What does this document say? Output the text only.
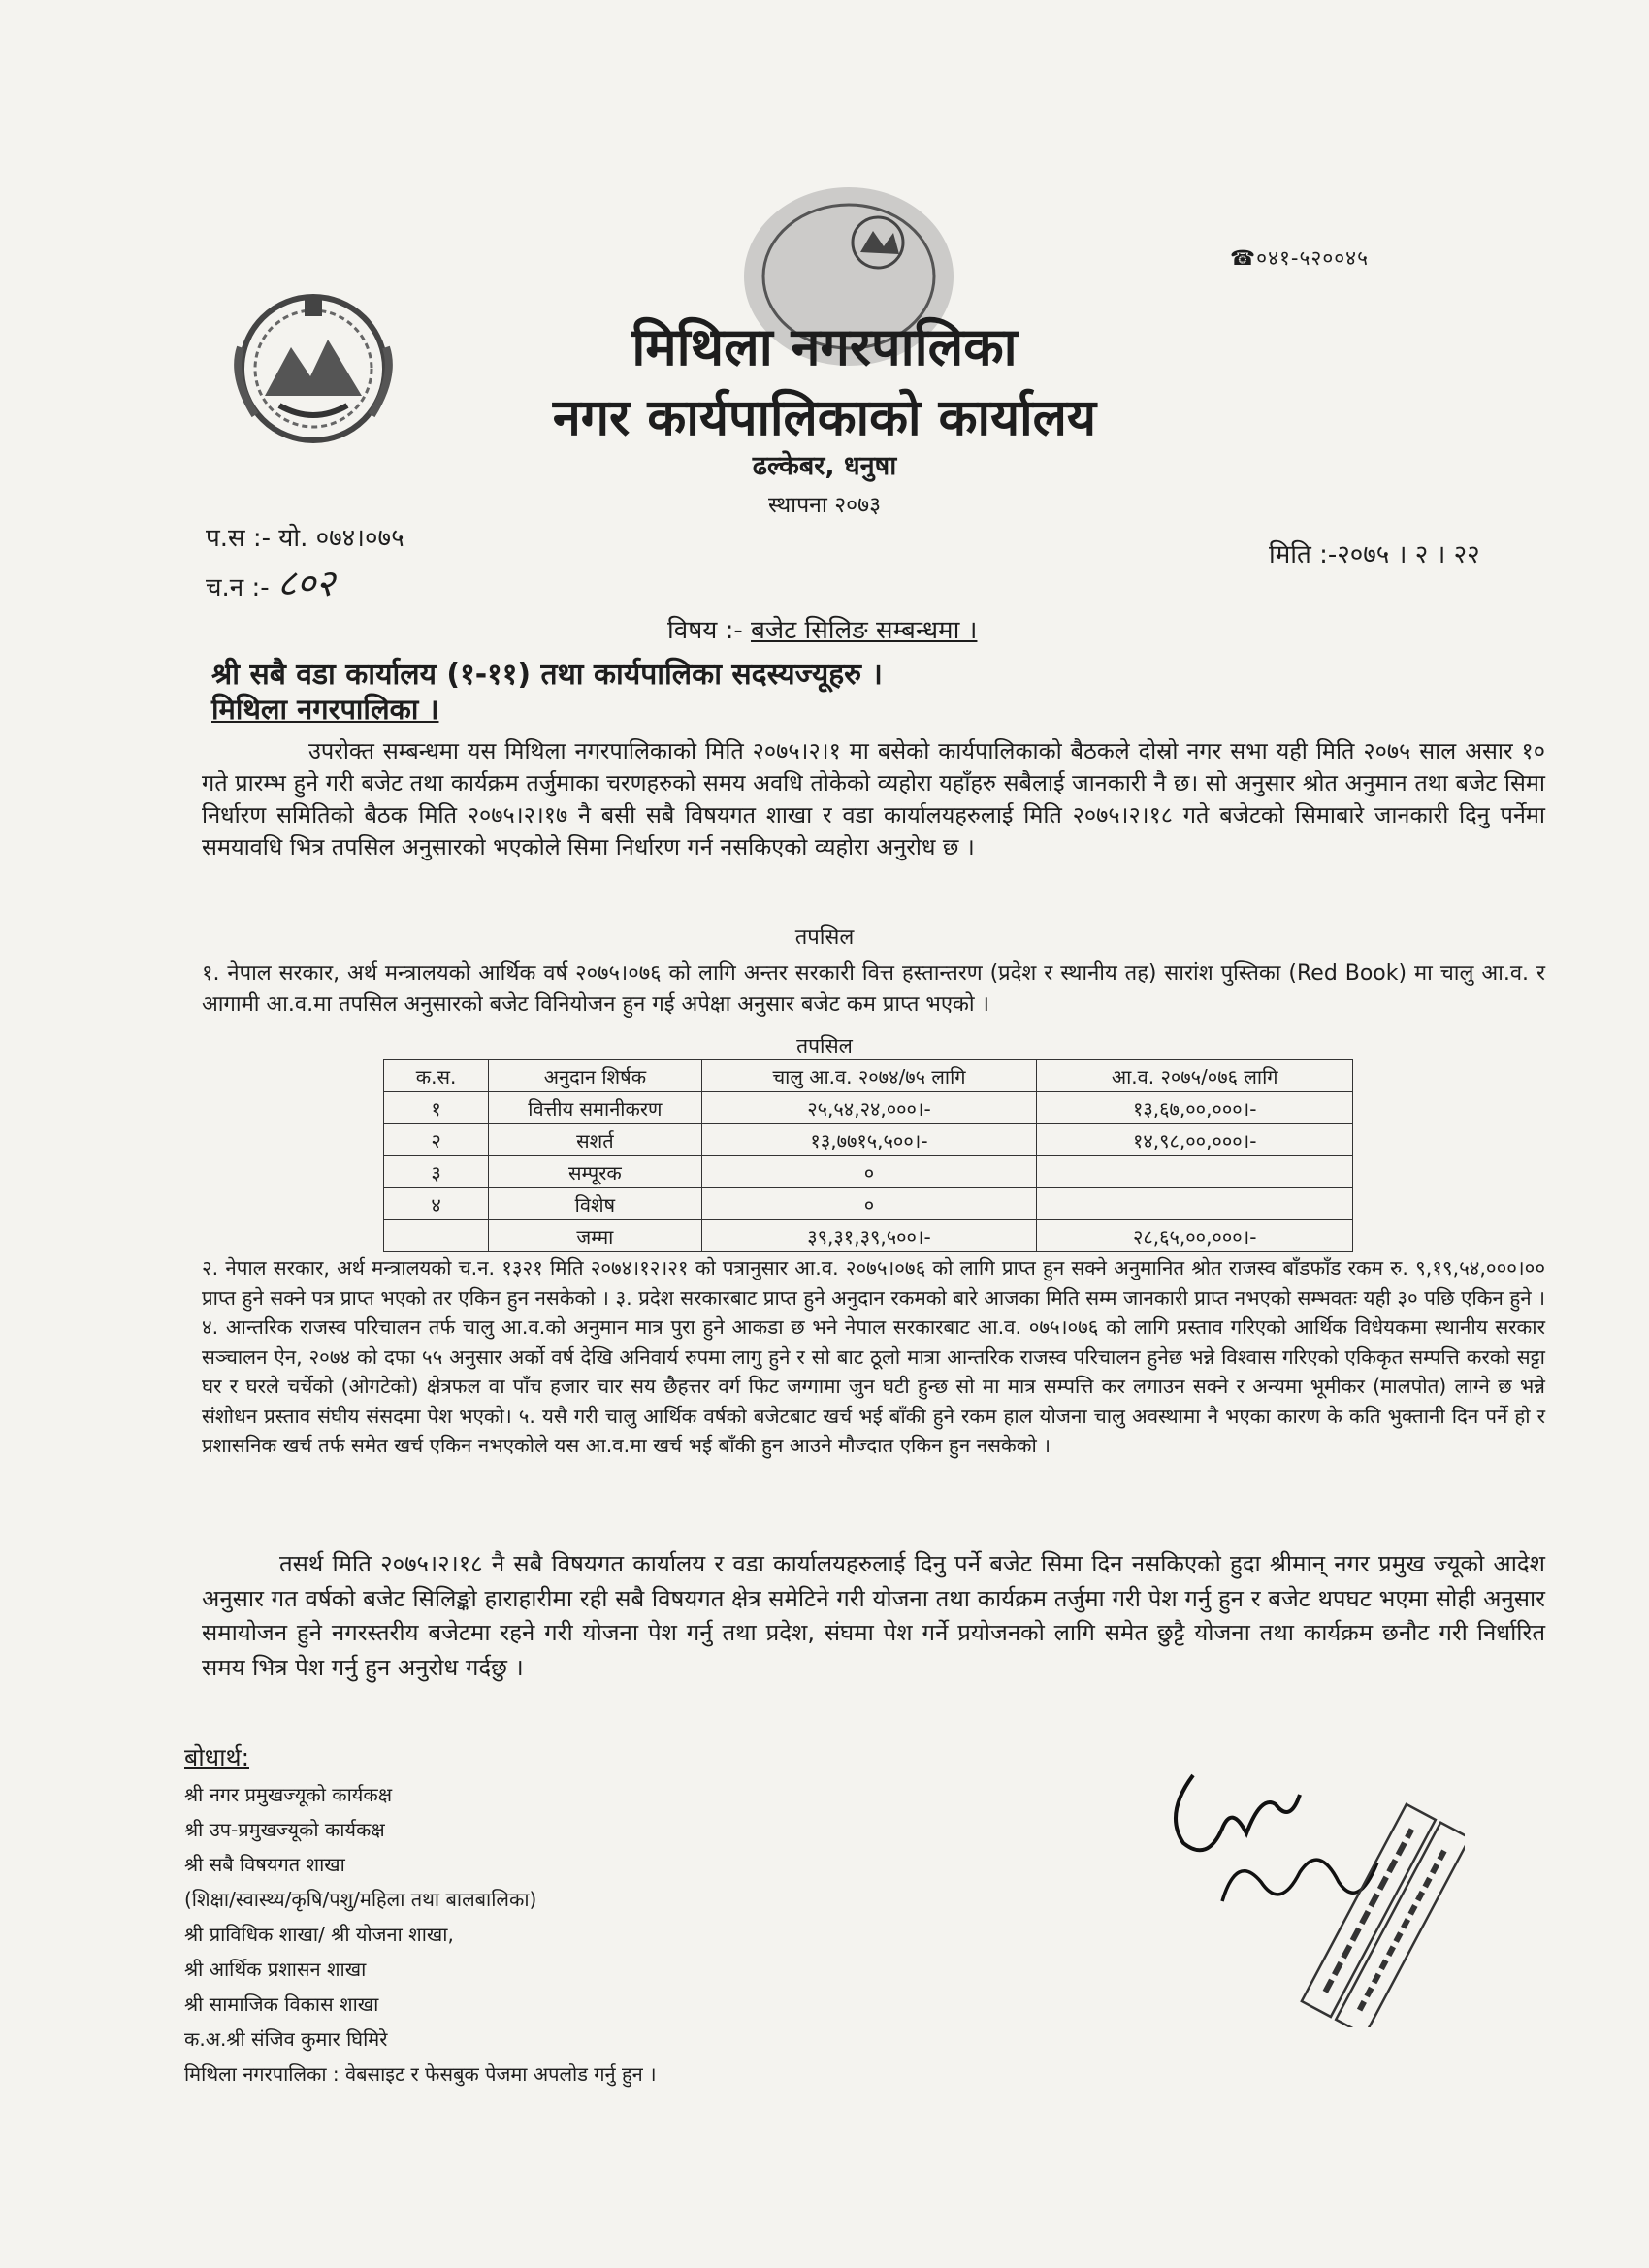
☎०४१-५२००४५
मिथिला नगरपालिका
नगर कार्यपालिकाको कार्यालय
ढल्केबर, धनुषा
स्थापना २०७३
प.स :- यो. ०७४।०७५
च.न :- ८०२
मिति :-२०७५ । २ । २२
विषय :- बजेट सिलिङ सम्बन्धमा ।
श्री सबै वडा कार्यालय (१-११) तथा कार्यपालिका सदस्यज्यूहरु ।
मिथिला नगरपालिका ।
उपरोक्त सम्बन्धमा यस मिथिला नगरपालिकाको मिति २०७५।२।१ मा बसेको कार्यपालिकाको बैठकले दोस्रो नगर सभा यही मिति २०७५ साल असार १० गते प्रारम्भ हुने गरी बजेट तथा कार्यक्रम तर्जुमाका चरणहरुको समय अवधि तोकेको व्यहोरा यहाँहरु सबैलाई जानकारी नै छ। सो अनुसार श्रोत अनुमान तथा बजेट सिमा निर्धारण समितिको बैठक मिति २०७५।२।१७ नै बसी सबै विषयगत शाखा र वडा कार्यालयहरुलाई मिति २०७५।२।१८ गते बजेटको सिमाबारे जानकारी दिनु पर्नेमा समयावधि भित्र तपसिल अनुसारको भएकोले सिमा निर्धारण गर्न नसकिएको व्यहोरा अनुरोध छ ।
तपसिल
१. नेपाल सरकार, अर्थ मन्त्रालयको आर्थिक वर्ष २०७५।०७६ को लागि अन्तर सरकारी वित्त हस्तान्तरण (प्रदेश र स्थानीय तह) सारांश पुस्तिका (Red Book) मा चालु आ.व. र आगामी आ.व.मा तपसिल अनुसारको बजेट विनियोजन हुन गई अपेक्षा अनुसार बजेट कम प्राप्त भएको ।
तपसिल
क.स.	अनुदान शिर्षक	चालु आ.व. २०७४/७५ लागि	आ.व. २०७५/०७६ लागि
१	वित्तीय समानीकरण	२५,५४,२४,०००।-	१३,६७,००,०००।-
२	सशर्त	१३,७७१५,५००।-	१४,९८,००,०००।-
३	सम्पूरक	०	
४	विशेष	०	
	जम्मा	३९,३१,३९,५००।-	२८,६५,००,०००।-
२. नेपाल सरकार, अर्थ मन्त्रालयको च.न. १३२१ मिति २०७४।१२।२१ को पत्रानुसार आ.व. २०७५।०७६ को लागि प्राप्त हुन सक्ने अनुमानित श्रोत राजस्व बाँडफाँड रकम रु. ९,१९,५४,०००।०० प्राप्त हुने सक्ने पत्र प्राप्त भएको तर एकिन हुन नसकेको । ३. प्रदेश सरकारबाट प्राप्त हुने अनुदान रकमको बारे आजका मिति सम्म जानकारी प्राप्त नभएको सम्भवतः यही ३० पछि एकिन हुने । ४. आन्तरिक राजस्व परिचालन तर्फ चालु आ.व.को अनुमान मात्र पुरा हुने आकडा छ भने नेपाल सरकारबाट आ.व. ०७५।०७६ को लागि प्रस्ताव गरिएको आर्थिक विधेयकमा स्थानीय सरकार सञ्चालन ऐन, २०७४ को दफा ५५ अनुसार अर्को वर्ष देखि अनिवार्य रुपमा लागु हुने र सो बाट ठूलो मात्रा आन्तरिक राजस्व परिचालन हुनेछ भन्ने विश्वास गरिएको एकिकृत सम्पत्ति करको सट्टा घर र घरले चर्चेको (ओगटेको) क्षेत्रफल वा पाँच हजार चार सय छैहत्तर वर्ग फिट जग्गामा जुन घटी हुन्छ सो मा मात्र सम्पत्ति कर लगाउन सक्ने र अन्यमा भूमीकर (मालपोत) लाग्ने छ भन्ने संशोधन प्रस्ताव संघीय संसदमा पेश भएको। ५. यसै गरी चालु आर्थिक वर्षको बजेटबाट खर्च भई बाँकी हुने रकम हाल योजना चालु अवस्थामा नै भएका कारण के कति भुक्तानी दिन पर्ने हो र प्रशासनिक खर्च तर्फ समेत खर्च एकिन नभएकोले यस आ.व.मा खर्च भई बाँकी हुन आउने मौज्दात एकिन हुन नसकेको ।
तसर्थ मिति २०७५।२।१८ नै सबै विषयगत कार्यालय र वडा कार्यालयहरुलाई दिनु पर्ने बजेट सिमा दिन नसकिएको हुदा श्रीमान् नगर प्रमुख ज्यूको आदेश अनुसार गत वर्षको बजेट सिलिङ्को हाराहारीमा रही सबै विषयगत क्षेत्र समेटिने गरी योजना तथा कार्यक्रम तर्जुमा गरी पेश गर्नु हुन र बजेट थपघट भएमा सोही अनुसार समायोजन हुने नगरस्तरीय बजेटमा रहने गरी योजना पेश गर्नु तथा प्रदेश, संघमा पेश गर्ने प्रयोजनको लागि समेत छुट्टै योजना तथा कार्यक्रम छनौट गरी निर्धारित समय भित्र पेश गर्नु हुन अनुरोध गर्दछु ।
बोधार्थ:
श्री नगर प्रमुखज्यूको कार्यकक्ष
श्री उप-प्रमुखज्यूको कार्यकक्ष
श्री सबै विषयगत शाखा
(शिक्षा/स्वास्थ्य/कृषि/पशु/महिला तथा बालबालिका)
श्री प्राविधिक शाखा/ श्री योजना शाखा,
श्री आर्थिक प्रशासन शाखा
श्री सामाजिक विकास शाखा
क.अ.श्री संजिव कुमार घिमिरे
मिथिला नगरपालिका : वेबसाइट र फेसबुक पेजमा अपलोड गर्नु हुन ।
